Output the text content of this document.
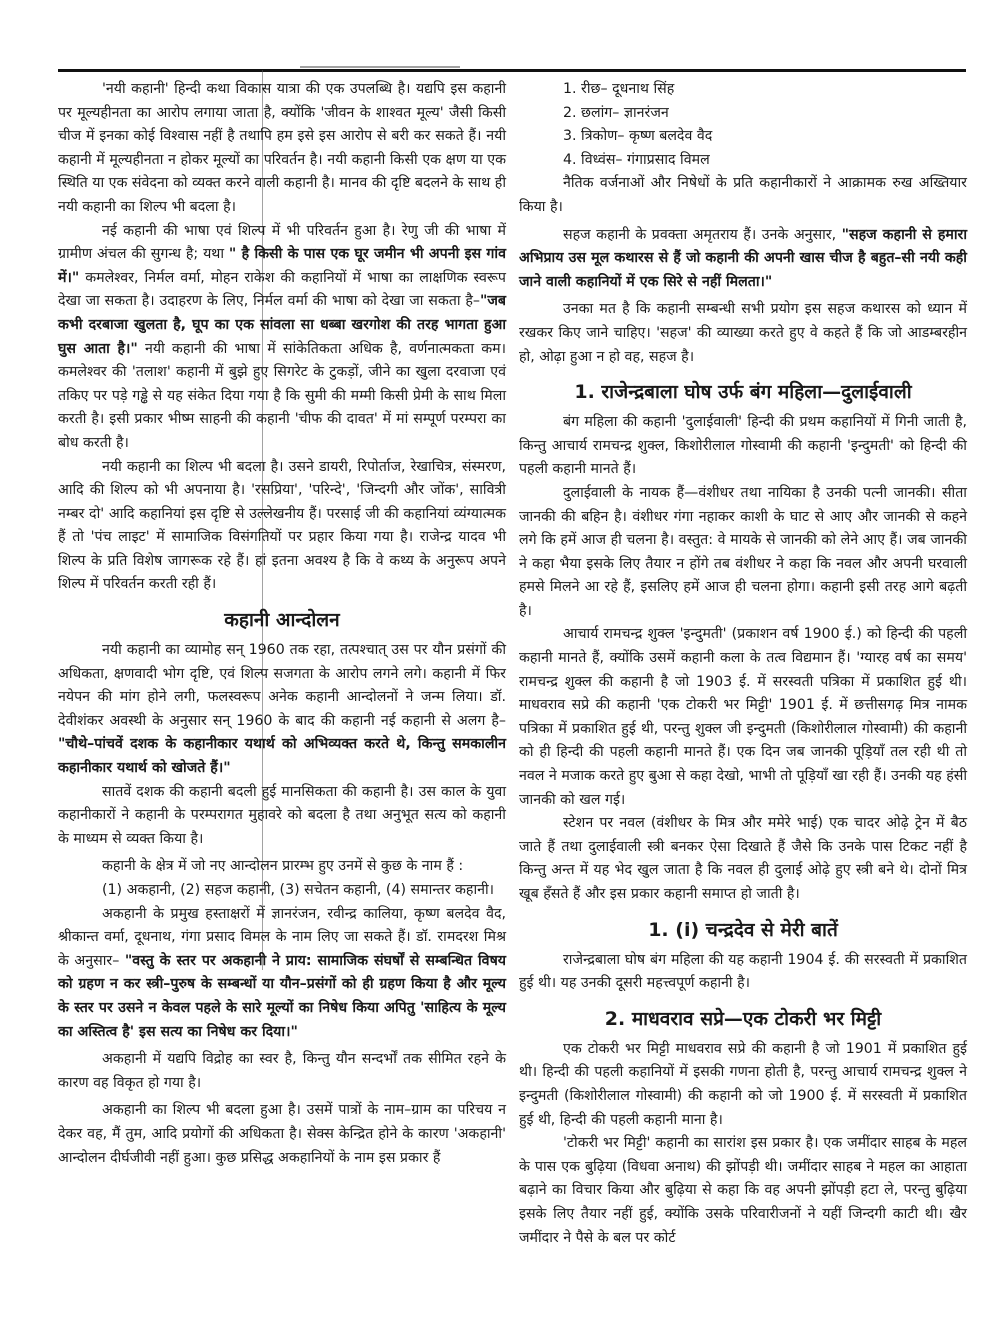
'नयी कहानी' हिन्दी कथा विकास यात्रा की एक उपलब्धि है। यद्यपि इस कहानी पर मूल्यहीनता का आरोप लगाया जाता है, क्योंकि 'जीवन के शाश्वत मूल्य' जैसी किसी चीज में इनका कोई विश्वास नहीं है तथापि हम इसे इस आरोप से बरी कर सकते हैं। नयी कहानी में मूल्यहीनता न होकर मूल्यों का परिवर्तन है। नयी कहानी किसी एक क्षण या एक स्थिति या एक संवेदना को व्यक्त करने वाली कहानी है। मानव की दृष्टि बदलने के साथ ही नयी कहानी का शिल्प भी बदला है।

नई कहानी की भाषा एवं शिल्प में भी परिवर्तन हुआ है। रेणु जी की भाषा में ग्रामीण अंचल की सुगन्ध है; यथा " है किसी के पास एक घूर जमीन भी अपनी इस गांव में।" कमलेश्वर, निर्मल वर्मा, मोहन राकेश की कहानियों में भाषा का लाक्षणिक स्वरूप देखा जा सकता है। उदाहरण के लिए, निर्मल वर्मा की भाषा को देखा जा सकता है–"जब कभी दरबाजा खुलता है, घूप का एक सांवला सा धब्बा खरगोश की तरह भागता हुआ घुस आता है।" नयी कहानी की भाषा में सांकेतिकता अधिक है, वर्णनात्मकता कम। कमलेश्वर की 'तलाश' कहानी में बुझे हुए सिगरेट के टुकड़ों, जीने का खुला दरवाजा एवं तकिए पर पड़े गड्ढे से यह संकेत दिया गया है कि सुमी की मम्मी किसी प्रेमी के साथ मिला करती है। इसी प्रकार भीष्म साहनी की कहानी 'चीफ की दावत' में मां सम्पूर्ण परम्परा का बोध करती है।

नयी कहानी का शिल्प भी बदला है। उसने डायरी, रिपोर्ताज, रेखाचित्र, संस्मरण, आदि की शिल्प को भी अपनाया है। 'रसप्रिया', 'परिन्दे', 'जिन्दगी और जोंक', सावित्री नम्बर दो' आदि कहानियां इस दृष्टि से उल्लेखनीय हैं। परसाई जी की कहानियां व्यंग्यात्मक हैं तो 'पंच लाइट' में सामाजिक विसंगतियों पर प्रहार किया गया है। राजेन्द्र यादव भी शिल्प के प्रति विशेष जागरूक रहे हैं। हां इतना अवश्य है कि वे कथ्य के अनुरूप अपने शिल्प में परिवर्तन करती रही हैं।

कहानी आन्दोलन

नयी कहानी का व्यामोह सन् 1960 तक रहा, तत्पश्चात् उस पर यौन प्रसंगों की अधिकता, क्षणवादी भोग दृष्टि, एवं शिल्प सजगता के आरोप लगने लगे। कहानी में फिर नयेपन की मांग होने लगी, फलस्वरूप अनेक कहानी आन्दोलनों ने जन्म लिया। डॉ. देवीशंकर अवस्थी के अनुसार सन् 1960 के बाद की कहानी नई कहानी से अलग है– "चौथे–पांचवें दशक के कहानीकार यथार्थ को अभिव्यक्त करते थे, किन्तु समकालीन कहानीकार यथार्थ को खोजते हैं।"

सातवें दशक की कहानी बदली हुई मानसिकता की कहानी है। उस काल के युवा कहानीकारों ने कहानी के परम्परागत मुहावरे को बदला है तथा अनुभूत सत्य को कहानी के माध्यम से व्यक्त किया है।

कहानी के क्षेत्र में जो नए आन्दोलन प्रारम्भ हुए उनमें से कुछ के नाम हैं :

(1) अकहानी, (2) सहज कहानी, (3) सचेतन कहानी, (4) समान्तर कहानी।

अकहानी के प्रमुख हस्ताक्षरों में ज्ञानरंजन, रवीन्द्र कालिया, कृष्ण बलदेव वैद, श्रीकान्त वर्मा, दूधनाथ, गंगा प्रसाद विमल के नाम लिए जा सकते हैं। डॉ. रामदरश मिश्र के अनुसार– "वस्तु के स्तर पर अकहानी ने प्राय: सामाजिक संघर्षों से सम्बन्धित विषय को ग्रहण न कर स्त्री–पुरुष के सम्बन्धों या यौन–प्रसंगों को ही ग्रहण किया है और मूल्य के स्तर पर उसने न केवल पहले के सारे मूल्यों का निषेध किया अपितु 'साहित्य के मूल्य का अस्तित्व है' इस सत्य का निषेध कर दिया।"

अकहानी में यद्यपि विद्रोह का स्वर है, किन्तु यौन सन्दर्भों तक सीमित रहने के कारण वह विकृत हो गया है।

अकहानी का शिल्प भी बदला हुआ है। उसमें पात्रों के नाम–ग्राम का परिचय न देकर वह, मैं तुम, आदि प्रयोगों की अधिकता है। सेक्स केन्द्रित होने के कारण 'अकहानी' आन्दोलन दीर्घजीवी नहीं हुआ। कुछ प्रसिद्ध अकहानियों के नाम इस प्रकार हैं

1. रीछ– दूधनाथ सिंह
2. छलांग– ज्ञानरंजन
3. त्रिकोण– कृष्ण बलदेव वैद
4. विध्वंस– गंगाप्रसाद विमल

नैतिक वर्जनाओं और निषेधों के प्रति कहानीकारों ने आक्रामक रुख अख्तियार किया है।

सहज कहानी के प्रवक्ता अमृतराय हैं। उनके अनुसार, "सहज कहानी से हमारा अभिप्राय उस मूल कथारस से हैं जो कहानी की अपनी खास चीज है बहुत–सी नयी कही जाने वाली कहानियों में एक सिरे से नहीं मिलता।"

उनका मत है कि कहानी सम्बन्धी सभी प्रयोग इस सहज कथारस को ध्यान में रखकर किए जाने चाहिए। 'सहज' की व्याख्या करते हुए वे कहते हैं कि जो आडम्बरहीन हो, ओढ़ा हुआ न हो वह, सहज है।

1. राजेन्द्रबाला घोष उर्फ बंग महिला—दुलाईवाली

बंग महिला की कहानी 'दुलाईवाली' हिन्दी की प्रथम कहानियों में गिनी जाती है, किन्तु आचार्य रामचन्द्र शुक्ल, किशोरीलाल गोस्वामी की कहानी 'इन्दुमती' को हिन्दी की पहली कहानी मानते हैं।

दुलाईवाली के नायक हैं—वंशीधर तथा नायिका है उनकी पत्नी जानकी। सीता जानकी की बहिन है। वंशीधर गंगा नहाकर काशी के घाट से आए और जानकी से कहने लगे कि हमें आज ही चलना है। वस्तुत: वे मायके से जानकी को लेने आए हैं। जब जानकी ने कहा भैया इसके लिए तैयार न होंगे तब वंशीधर ने कहा कि नवल और अपनी घरवाली हमसे मिलने आ रहे हैं, इसलिए हमें आज ही चलना होगा। कहानी इसी तरह आगे बढ़ती है।

आचार्य रामचन्द्र शुक्ल 'इन्दुमती' (प्रकाशन वर्ष 1900 ई.) को हिन्दी की पहली कहानी मानते हैं, क्योंकि उसमें कहानी कला के तत्व विद्यमान हैं। 'ग्यारह वर्ष का समय' रामचन्द्र शुक्ल की कहानी है जो 1903 ई. में सरस्वती पत्रिका में प्रकाशित हुई थी। माधवराव सप्रे की कहानी 'एक टोकरी भर मिट्टी' 1901 ई. में छत्तीसगढ़ मित्र नामक पत्रिका में प्रकाशित हुई थी, परन्तु शुक्ल जी इन्दुमती (किशोरीलाल गोस्वामी) की कहानी को ही हिन्दी की पहली कहानी मानते हैं। एक दिन जब जानकी पूड़ियाँ तल रही थी तो नवल ने मजाक करते हुए बुआ से कहा देखो, भाभी तो पूड़ियाँ खा रही हैं। उनकी यह हंसी जानकी को खल गई।

स्टेशन पर नवल (वंशीधर के मित्र और ममेरे भाई) एक चादर ओढ़े ट्रेन में बैठ जाते हैं तथा दुलाईवाली स्त्री बनकर ऐसा दिखाते हैं जैसे कि उनके पास टिकट नहीं है किन्तु अन्त में यह भेद खुल जाता है कि नवल ही दुलाई ओढ़े हुए स्त्री बने थे। दोनों मित्र खूब हँसते हैं और इस प्रकार कहानी समाप्त हो जाती है।

1. (i) चन्द्रदेव से मेरी बातें

राजेन्द्रबाला घोष बंग महिला की यह कहानी 1904 ई. की सरस्वती में प्रकाशित हुई थी। यह उनकी दूसरी महत्त्वपूर्ण कहानी है।

2. माधवराव सप्रे—एक टोकरी भर मिट्टी

एक टोकरी भर मिट्टी माधवराव सप्रे की कहानी है जो 1901 में प्रकाशित हुई थी। हिन्दी की पहली कहानियों में इसकी गणना होती है, परन्तु आचार्य रामचन्द्र शुक्ल ने इन्दुमती (किशोरीलाल गोस्वामी) की कहानी को जो 1900 ई. में सरस्वती में प्रकाशित हुई थी, हिन्दी की पहली कहानी माना है।

'टोकरी भर मिट्टी' कहानी का सारांश इस प्रकार है। एक जमींदार साहब के महल के पास एक बुढ़िया (विधवा अनाथ) की झोंपड़ी थी। जमींदार साहब ने महल का आहाता बढ़ाने का विचार किया और बुढ़िया से कहा कि वह अपनी झोंपड़ी हटा ले, परन्तु बुढ़िया इसके लिए तैयार नहीं हुई, क्योंकि उसके परिवारीजनों ने यहीं जिन्दगी काटी थी। खैर जमींदार ने पैसे के बल पर कोर्ट
